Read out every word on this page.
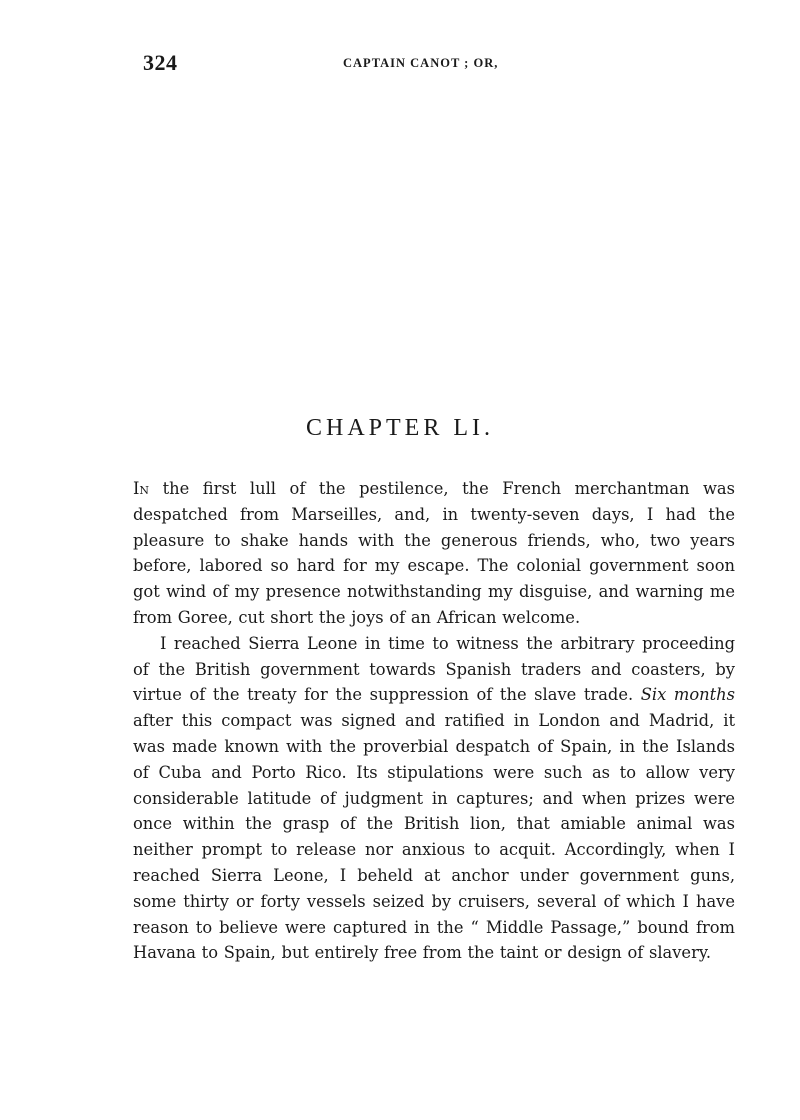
324	CAPTAIN CANOT ; OR,
CHAPTER LI.

In the first lull of the pestilence, the French merchantman was despatched from Marseilles, and, in twenty-seven days, I had the pleasure to shake hands with the generous friends, who, two years before, labored so hard for my escape. The colonial government soon got wind of my presence notwithstanding my disguise, and warning me from Goree, cut short the joys of an African welcome.

I reached Sierra Leone in time to witness the arbitrary proceeding of the British government towards Spanish traders and coasters, by virtue of the treaty for the suppression of the slave trade. Six months after this compact was signed and ratified in London and Madrid, it was made known with the proverbial despatch of Spain, in the Islands of Cuba and Porto Rico. Its stipulations were such as to allow very considerable latitude of judgment in captures; and when prizes were once within the grasp of the British lion, that amiable animal was neither prompt to release nor anxious to acquit. Accordingly, when I reached Sierra Leone, I beheld at anchor under government guns, some thirty or forty vessels seized by cruisers, several of which I have reason to believe were captured in the “ Middle Passage,” bound from Havana to Spain, but entirely free from the taint or design of slavery.
